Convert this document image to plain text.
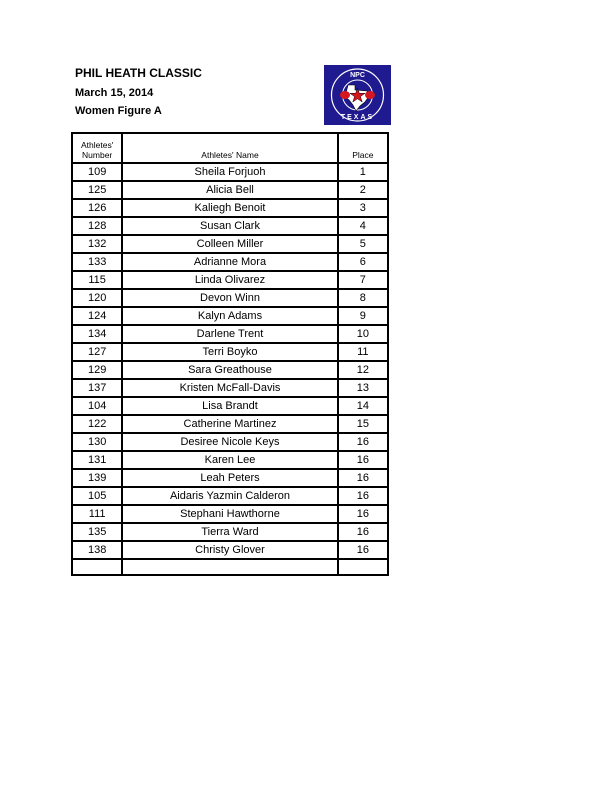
PHIL HEATH CLASSIC
March 15, 2014
Women Figure A
NPC
TEXAS
Athletes'
Number	Athletes' Name	Place

109	Sheila Forjuoh	1
125	Alicia Bell	2
126	Kaliegh Benoit	3
128	Susan Clark	4
132	Colleen Miller	5
133	Adrianne Mora	6
115	Linda Olivarez	7
120	Devon Winn	8
124	Kalyn Adams	9
134	Darlene Trent	10
127	Terri Boyko	11
129	Sara Greathouse	12
137	Kristen McFall-Davis	13
104	Lisa Brandt	14
122	Catherine Martinez	15
130	Desiree Nicole Keys	16
131	Karen Lee	16
139	Leah Peters	16
105	Aidaris Yazmin Calderon	16
111	Stephani Hawthorne	16
135	Tierra Ward	16
138	Christy Glover	16
